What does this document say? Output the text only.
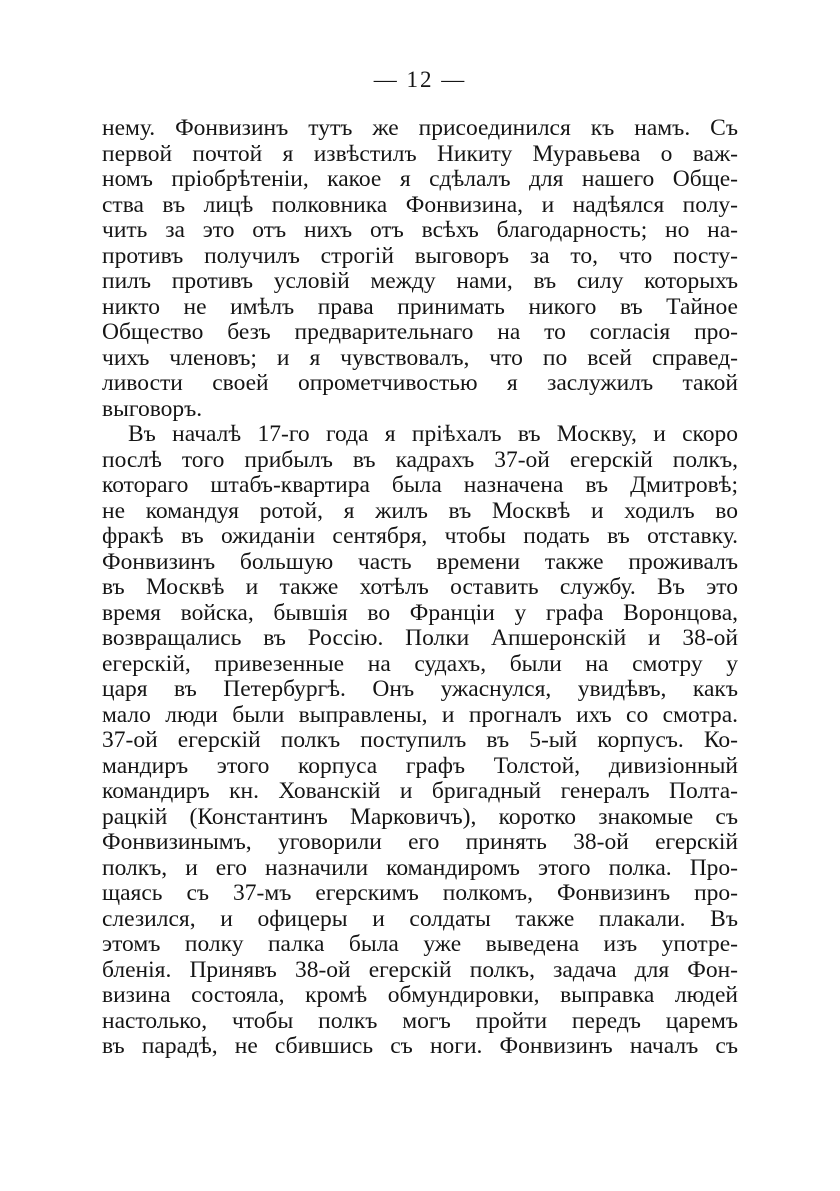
— 12 —
нему. Фонвизинъ тутъ же присоединился къ намъ. Съ
первой почтой я извѣстилъ Никиту Муравьева о важ-
номъ пріобрѣтеніи, какое я сдѣлалъ для нашего Обще-
ства въ лицѣ полковника Фонвизина, и надѣялся полу-
чить за это отъ нихъ отъ всѣхъ благодарность; но на-
противъ получилъ строгій выговоръ за то, что посту-
пилъ противъ условій между нами, въ силу которыхъ
никто не имѣлъ права принимать никого въ Тайное
Общество безъ предварительнаго на то согласія про-
чихъ членовъ; и я чувствовалъ, что по всей справед-
ливости своей опрометчивостью я заслужилъ такой
выговоръ.
Въ началѣ 17-го года я пріѣхалъ въ Москву, и скоро
послѣ того прибылъ въ кадрахъ 37-ой егерскій полкъ,
котораго штабъ-квартира была назначена въ Дмитровѣ;
не командуя ротой, я жилъ въ Москвѣ и ходилъ во
фракѣ въ ожиданіи сентября, чтобы подать въ отставку.
Фонвизинъ большую часть времени также проживалъ
въ Москвѣ и также хотѣлъ оставить службу. Въ это
время войска, бывшія во Франціи у графа Воронцова,
возвращались въ Россію. Полки Апшеронскій и 38-ой
егерскій, привезенные на судахъ, были на смотру у
царя въ Петербургѣ. Онъ ужаснулся, увидѣвъ, какъ
мало люди были выправлены, и прогналъ ихъ со смотра.
37-ой егерскій полкъ поступилъ въ 5-ый корпусъ. Ко-
мандиръ этого корпуса графъ Толстой, дивизіонный
командиръ кн. Хованскій и бригадный генералъ Полта-
рацкій (Константинъ Марковичъ), коротко знакомые съ
Фонвизинымъ, уговорили его принять 38-ой егерскій
полкъ, и его назначили командиромъ этого полка. Про-
щаясь съ 37-мъ егерскимъ полкомъ, Фонвизинъ про-
слезился, и офицеры и солдаты также плакали. Въ
этомъ полку палка была уже выведена изъ употре-
бленія. Принявъ 38-ой егерскій полкъ, задача для Фон-
визина состояла, кромѣ обмундировки, выправка людей
настолько, чтобы полкъ могъ пройти передъ царемъ
въ парадѣ, не сбившись съ ноги. Фонвизинъ началъ съ
